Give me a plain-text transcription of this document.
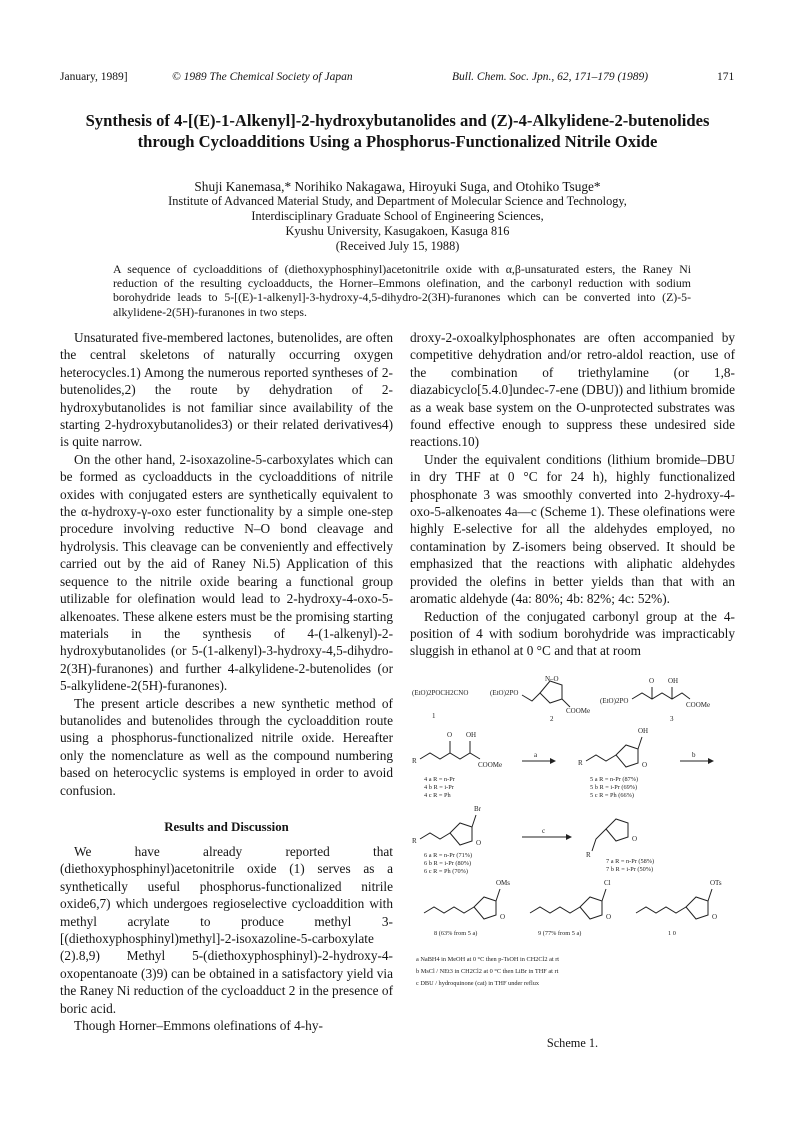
January, 1989]	© 1989 The Chemical Society of Japan	Bull. Chem. Soc. Jpn., 62, 171–179 (1989)	171
Synthesis of 4-[(E)-1-Alkenyl]-2-hydroxybutanolides and (Z)-4-Alkylidene-2-butenolides through Cycloadditions Using a Phosphorus-Functionalized Nitrile Oxide
Shuji Kanemasa,* Norihiko Nakagawa, Hiroyuki Suga, and Otohiko Tsuge*
Institute of Advanced Material Study, and Department of Molecular Science and Technology,
Interdisciplinary Graduate School of Engineering Sciences,
Kyushu University, Kasugakoen, Kasuga 816
(Received July 15, 1988)
A sequence of cycloadditions of (diethoxyphosphinyl)acetonitrile oxide with α,β-unsaturated esters, the Raney Ni reduction of the resulting cycloadducts, the Horner–Emmons olefination, and the carbonyl reduction with sodium borohydride leads to 5-[(E)-1-alkenyl]-3-hydroxy-4,5-dihydro-2(3H)-furanones which can be converted into (Z)-5-alkylidene-2(5H)-furanones in two steps.

Unsaturated five-membered lactones, butenolides, are often the central skeletons of naturally occurring oxygen heterocycles.1) Among the numerous reported syntheses of 2-butenolides,2) the route by dehydration of 2-hydroxybutanolides is not familiar since availability of the starting 2-hydroxybutanolides3) or their related derivatives4) is quite narrow.

On the other hand, 2-isoxazoline-5-carboxylates which can be formed as cycloadducts in the cycloadditions of nitrile oxides with conjugated esters are synthetically equivalent to the α-hydroxy-γ-oxo ester functionality by a simple one-step procedure involving reductive N–O bond cleavage and hydrolysis. This cleavage can be conveniently and effectively carried out by the aid of Raney Ni.5) Application of this sequence to the nitrile oxide bearing a functional group utilizable for olefination would lead to 2-hydroxy-4-oxo-5-alkenoates. These alkene esters must be the promising starting materials in the synthesis of 4-(1-alkenyl)-2-hydroxybutanolides (or 5-(1-alkenyl)-3-hydroxy-4,5-dihydro-2(3H)-furanones) and further 4-alkylidene-2-butenolides (or 5-alkylidene-2(5H)-furanones).

The present article describes a new synthetic method of butanolides and butenolides through the cycloaddition route using a phosphorus-functionalized nitrile oxide. Hereafter only the nomenclature as well as the compound numbering based on heterocyclic systems is employed in order to avoid confusion.

Results and Discussion

We have already reported that (diethoxyphosphinyl)acetonitrile oxide (1) serves as a synthetically useful phosphorus-functionalized nitrile oxide6,7) which undergoes regioselective cycloaddition with methyl acrylate to produce methyl 3-[(diethoxyphosphinyl)methyl]-2-isoxazoline-5-carboxylate (2).8,9) Methyl 5-(diethoxyphosphinyl)-2-hydroxy-4-oxopentanoate (3)9) can be obtained in a satisfactory yield via the Raney Ni reduction of the cycloadduct 2 in the presence of boric acid.

Though Horner–Emmons olefinations of 4-hy-

droxy-2-oxoalkylphosphonates are often accompanied by competitive dehydration and/or retro-aldol reaction, use of the combination of triethylamine (or 1,8-diazabicyclo[5.4.0]undec-7-ene (DBU)) and lithium bromide as a weak base system on the O-unprotected substrates was found effective enough to suppress these undesired side reactions.10)

Under the equivalent conditions (lithium bromide–DBU in dry THF at 0 °C for 24 h), highly functionalized phosphonate 3 was smoothly converted into 2-hydroxy-4-oxo-5-alkenoates 4a—c (Scheme 1). These olefinations were highly E-selective for all the aldehydes employed, no contamination by Z-isomers being observed. It should be emphasized that the reactions with aliphatic aldehydes provided the olefins in better yields than that with an aromatic aldehyde (4a: 80%; 4b: 82%; 4c: 52%).

Reduction of the conjugated carbonyl group at the 4-position of 4 with sodium borohydride was impracticably sluggish in ethanol at 0 °C and that at room

(EtO)2POCH2CNO
1
(EtO)2PO
N–O
COOMe
2
(EtO)2PO
O OH
COOMe
3
R
O OH
COOMe
4 a R = n-Pr
4 b R = i-Pr
4 c R = Ph
a
R
OH
O
5 a R = n-Pr (87%)
5 b R = i-Pr (69%)
5 c R = Ph (66%)
b
R
Br
O
6 a R = n-Pr (71%)
6 b R = i-Pr (80%)
6 c R = Ph (70%)
c
R
O
7 a R = n-Pr (58%)
7 b R = i-Pr (50%)
OMs
O
8 (63% from 5 a)
Cl
O
9 (77% from 5 a)
OTs
O
1 0
a NaBH4 in MeOH at 0 °C then p-TsOH in CH2Cl2 at rt
b MsCl / NEt3 in CH2Cl2 at 0 °C then LiBr in THF at rt
c DBU / hydroquinone (cat) in THF under reflux
Scheme 1.
